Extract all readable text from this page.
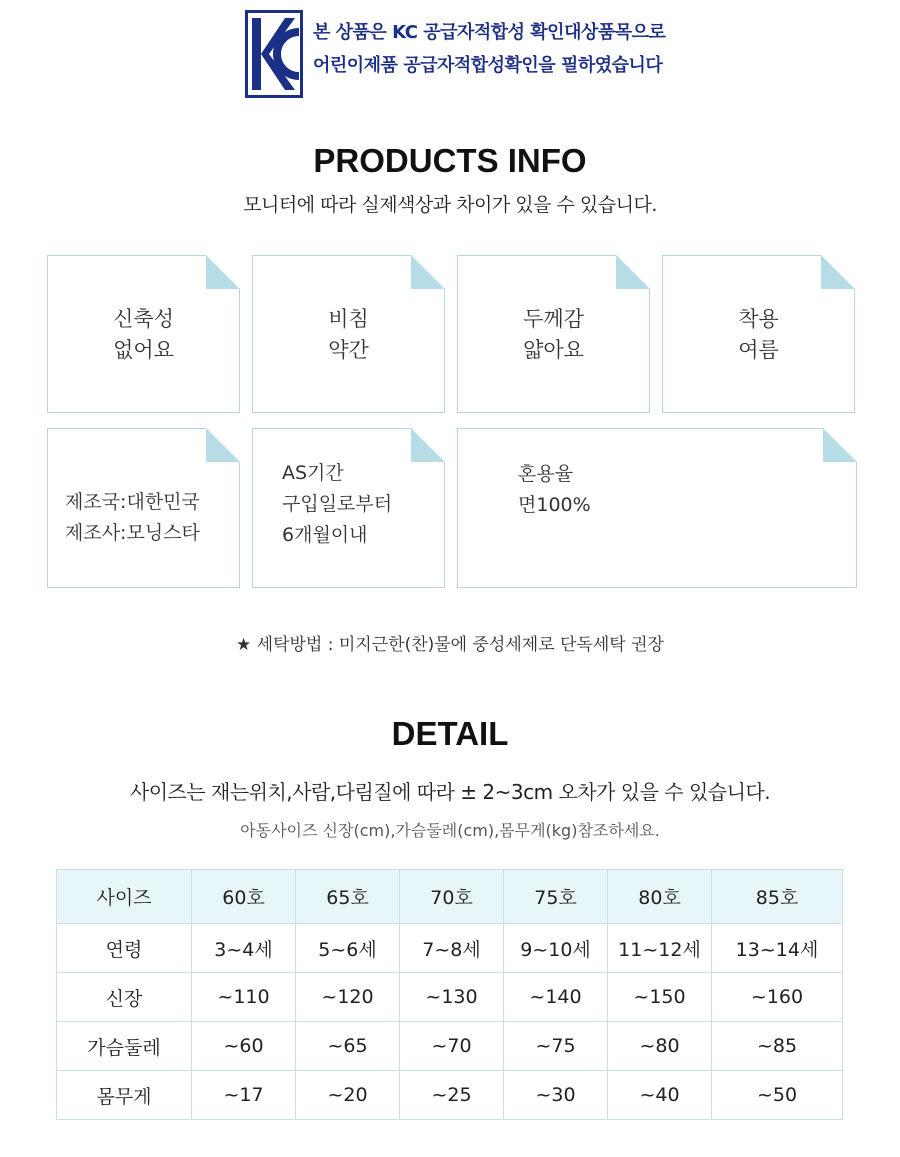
본 상품은 KC 공급자적합성 확인대상품목으로
어린이제품 공급자적합성확인을 필하였습니다
PRODUCTS INFO
모니터에 따라 실제색상과 차이가 있을 수 있습니다.
신축성
없어요
비침
약간
두께감
얇아요
착용
여름
제조국:대한민국
제조사:모닝스타
AS기간
구입일로부터
6개월이내
혼용율
면100%
★ 세탁방법 : 미지근한(찬)물에 중성세제로 단독세탁 권장
DETAIL
사이즈는 재는위치,사람,다림질에 따라 ± 2~3cm 오차가 있을 수 있습니다.
아동사이즈 신장(cm),가슴둘레(cm),몸무게(kg)참조하세요.
사이즈	60호	65호	70호	75호	80호	85호
연령	3~4세	5~6세	7~8세	9~10세	11~12세	13~14세
신장	~110	~120	~130	~140	~150	~160
가슴둘레	~60	~65	~70	~75	~80	~85
몸무게	~17	~20	~25	~30	~40	~50
